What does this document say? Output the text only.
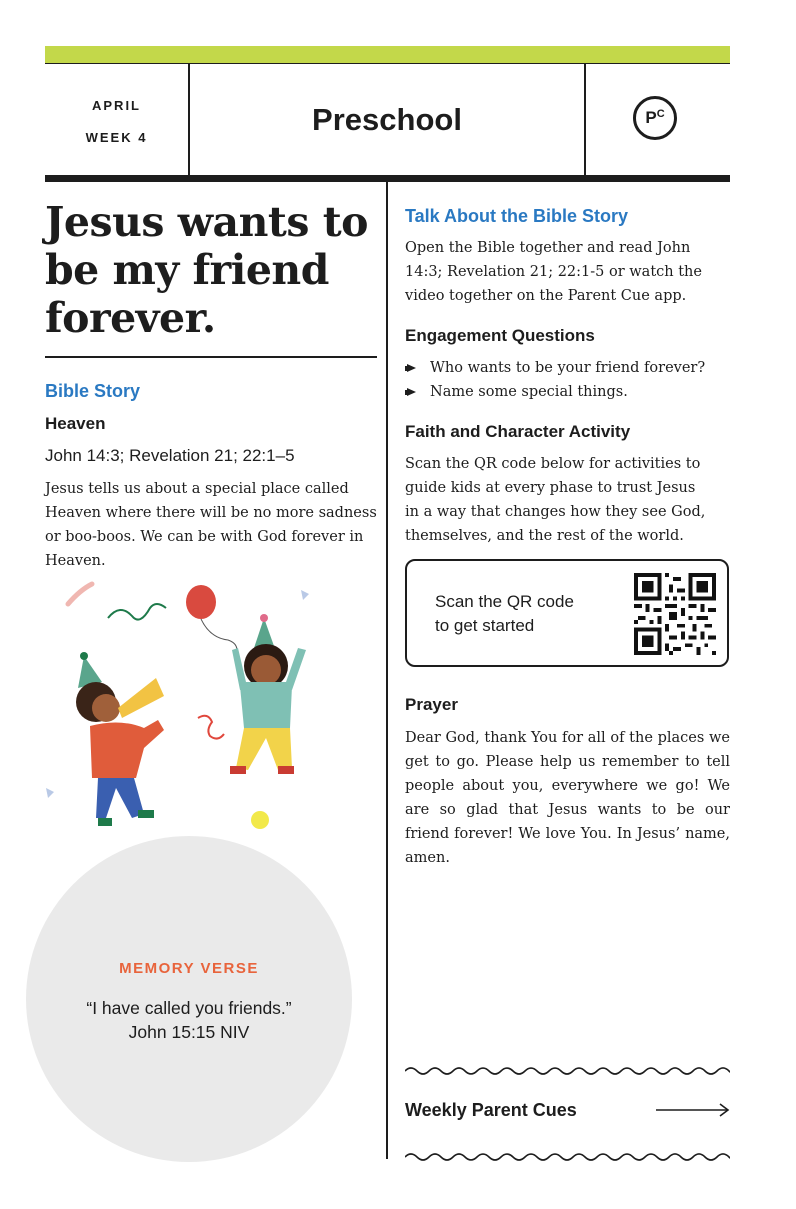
APRIL
WEEK 4
Preschool	$P^C$
Jesus wants to be my friend forever.
Bible Story
Heaven
John 14:3; Revelation 21; 22:1–5
Jesus tells us about a special place called Heaven where there will be no more sadness or boo-boos. We can be with God forever in Heaven.
MEMORY VERSE
“I have called you friends.”
John 15:15 NIV
Talk About the Bible Story
Open the Bible together and read John 14:3; Revelation 21; 22:1-5 or watch the video together on the Parent Cue app.
Engagement Questions
Who wants to be your friend forever?
Name some special things.
Faith and Character Activity
Scan the QR code below for activities to guide kids at every phase to trust Jesus in a way that changes how they see God, themselves, and the rest of the world.
Scan the QR code
to get started
Prayer
Dear God, thank You for all of the places we get to go. Please help us remember to tell people about you, everywhere we go! We are so glad that Jesus wants to be our friend forever! We love You. In Jesus’ name, amen.
Weekly Parent Cues
